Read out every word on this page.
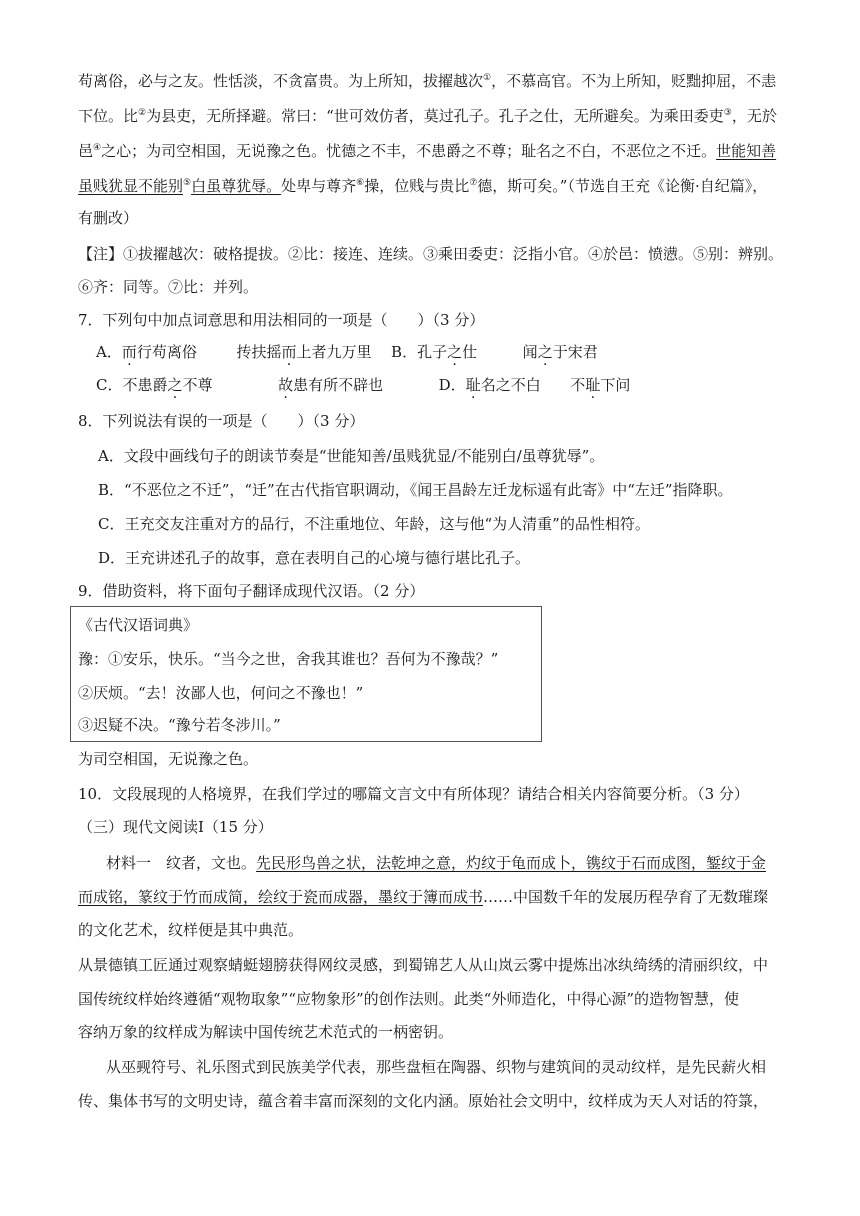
苟离俗，必与之友。性恬淡，不贪富贵。为上所知，拔擢越次①，不慕高官。不为上所知，贬黜抑屈，不恚
下位。比②为县吏，无所择避。常曰：“世可效仿者，莫过孔子。孔子之仕，无所避矣。为乘田委吏③，无於
邑④之心；为司空相国，无说豫之色。忧德之不丰，不患爵之不尊；耻名之不白，不恶位之不迁。世能知善
虽贱犹显不能别⑤白虽尊犹辱。处卑与尊齐⑥操，位贱与贵比⑦德，斯可矣。”（节选自王充《论衡·自纪篇》，
有删改）
【注】①拔擢越次：破格提拔。②比：接连、连续。③乘田委吏：泛指小官。④於邑：愤懑。⑤别：辨别。
⑥齐：同等。⑦比：并列。
7．下列句中加点词意思和用法相同的一项是（　　）（3 分）
A．而行苟离俗	抟扶摇而上者九万里 B．孔子之仕	闻之于宋君
C．不患爵之不尊	故患有所不辟也	D．耻名之不白 不耻下问
8．下列说法有误的一项是（　　）（3 分）
A．文段中画线句子的朗读节奏是“世能知善/虽贱犹显/不能别白/虽尊犹辱”。
B．“不恶位之不迁”，“迁”在古代指官职调动，《闻王昌龄左迁龙标遥有此寄》中“左迁”指降职。
C．王充交友注重对方的品行，不注重地位、年龄，这与他“为人清重”的品性相符。
D．王充讲述孔子的故事，意在表明自己的心境与德行堪比孔子。
9．借助资料，将下面句子翻译成现代汉语。（2 分）
《古代汉语词典》
豫：①安乐，快乐。“当今之世，舍我其谁也？吾何为不豫哉？”
②厌烦。“去！汝鄙人也，何问之不豫也！”
③迟疑不决。“豫兮若冬涉川。”
为司空相国，无说豫之色。
10．文段展现的人格境界，在我们学过的哪篇文言文中有所体现？请结合相关内容简要分析。（3 分）
（三）现代文阅读Ⅰ（15 分）
材料一　纹者，文也。先民形鸟兽之状，法乾坤之意，灼纹于龟而成卜，镌纹于石而成图，錾纹于金
而成铭，篆纹于竹而成简，绘纹于瓷而成器，墨纹于簿而成书……中国数千年的发展历程孕育了无数璀璨
的文化艺术，纹样便是其中典范。
从景德镇工匠通过观察蜻蜓翅膀获得网纹灵感，到蜀锦艺人从山岚云雾中提炼出冰纨绮绣的清丽织纹，中
国传统纹样始终遵循“观物取象”“应物象形”的创作法则。此类“外师造化，中得心源”的造物智慧，使
容纳万象的纹样成为解读中国传统艺术范式的一柄密钥。
从巫觋符号、礼乐图式到民族美学代表，那些盘桓在陶器、织物与建筑间的灵动纹样，是先民薪火相
传、集体书写的文明史诗，蕴含着丰富而深刻的文化内涵。原始社会文明中，纹样成为天人对话的符箓，
